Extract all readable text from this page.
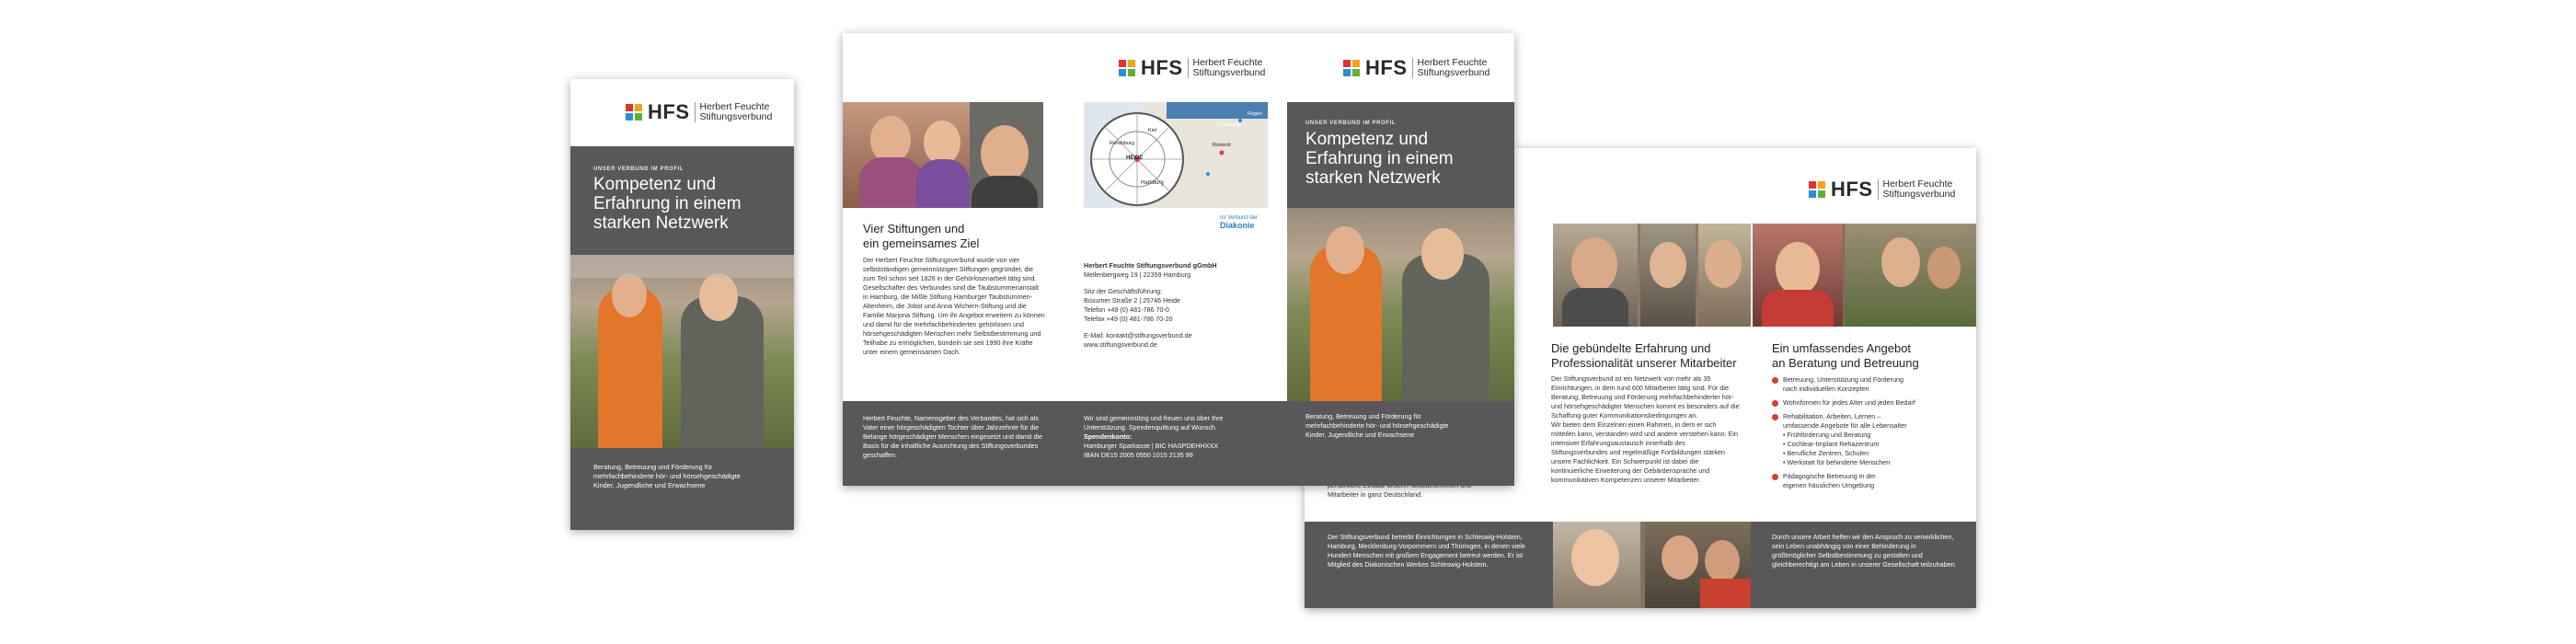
HFS	Herbert Feuchte
Stiftungsverbund
UNSER VERBUND IM PROFIL
Kompetenz und
Erfahrung in einem
starken Netzwerk
Beratung, Betreuung und Förderung für
mehrfachbehinderte hör- und hörsehgeschädigte
Kinder, Jugendliche und Erwachsene
HFS	Herbert Feuchte
Stiftungsverbund

Mitarbeiter in ganz Deutschland.
Die gebündelte Erfahrung und
Professionalität unserer Mitarbeiter
Der Stiftungsverbund ist ein Netzwerk von mehr als 35 Einrichtungen, in dem rund 600 Mitarbeiter tätig sind. Für die Beratung, Betreuung und Förderung mehrfachbehinderter hör- und hörsehgeschädigter Menschen kommt es besonders auf die Schaffung guter Kommunikationsbedingungen an.
Wir bieten dem Einzelnen einen Rahmen, in dem er sich mitteilen kann, verstanden wird und andere verstehen kann. Ein intensiver Erfahrungsaustausch innerhalb des Stiftungsverbundes und regelmäßige Fortbildungen stärken unsere Fachlichkeit. Ein Schwerpunkt ist dabei die kontinuierliche Erweiterung der Gebärdensprache und kommunikativen Kompetenzen unserer Mitarbeiter.
Ein umfassendes Angebot
an Beratung und Betreuung
Betreuung, Unterstützung und Förderung
nach individuellen Konzepten
Wohnformen für jedes Alter und jeden Bedarf
Rehabilitation, Arbeiten, Lernen –
umfassende Angebote für alle Lebensalter
• Frühförderung und Beratung
• Cochlear-Implant Rehazentrum
• Berufliche Zentren, Schulen
• Werkstatt für behinderte Menschen
Pädagogische Betreuung in der
eigenen häuslichen Umgebung
Der Stiftungsverbund betreibt Einrichtungen in Schleswig-Holstein, Hamburg, Mecklenburg-Vorpommern und Thüringen, in denen viele Hundert Menschen mit großem Engagement betreut werden. Er ist Mitglied des Diakonischen Werkes Schleswig-Holstein.
Durch unsere Arbeit helfen wir den Anspruch zu verwirklichen, sein Leben unabhängig von einer Behinderung in größtmöglicher Selbstbestimmung zu gestalten und gleichberechtigt am Leben in unserer Gesellschaft teilzuhaben.
HFS	Herbert Feuchte
Stiftungsverbund	HFS	Herbert Feuchte
Stiftungsverbund
HEIDE
Hamburg
Kiel
Rügen
Rendsburg	Rostock
Schleswig	UNSER VERBUND IM PROFIL
Kompetenz und
Erfahrung in einem
starken Netzwerk
Vier Stiftungen und
ein gemeinsames Ziel
Der Herbert Feuchte Stiftungsverbund wurde von vier selbstständigen gemeinnützigen Stiftungen gegründet, die zum Teil schon seit 1826 in der Gehörlosenarbeit tätig sind. Gesellschafter des Verbundes sind die Taubstummenanstalt in Hamburg, die Mißle Stiftung Hamburger Taubstummen-Altenheim, die Jobst und Anna Wichern-Stiftung und die Familie Marjona Stiftung. Um ihr Angebot erweitern zu können und damit für die mehrfachbehinderten gehörlosen und hörsehgeschädigten Menschen mehr Selbstbestimmung und Teilhabe zu ermöglichen, bündeln sie seit 1990 ihre Kräfte unter einem gemeinsamen Dach.
Im Verbund der
Diakonie
Herbert Feuchte Stiftungsverbund gGmbH
Mellenbergweg 19 | 22359 Hamburg
Sitz der Geschäftsführung:
Büsumer Straße 2 | 25746 Heide
Telefon +49 (0) 481-786 70-0
Telefax +49 (0) 481-786 70-20
E-Mail: kontakt@stiftungsverbund.de
www.stiftungsverbund.de
Herbert Feuchte, Namensgeber des Verbandes, hat sich als Vater einer hörgeschädigten Tochter über Jahrzehnte für die Belange hörgeschädigter Menschen eingesetzt und damit die Basis für die inhaltliche Ausrichtung des Stiftungsverbundes geschaffen.
Wir sind gemeinnützig und freuen uns über Ihre Unterstützung. Spendenquittung auf Wunsch.
Spendenkonto:
Hamburger Sparkasse | BIC HASPDEHHXXX
IBAN DE15 2005 0550 1015 2135 99
Beratung, Betreuung und Förderung für
mehrfachbehinderte hör- und hörsehgeschädigte
Kinder, Jugendliche und Erwachsene
